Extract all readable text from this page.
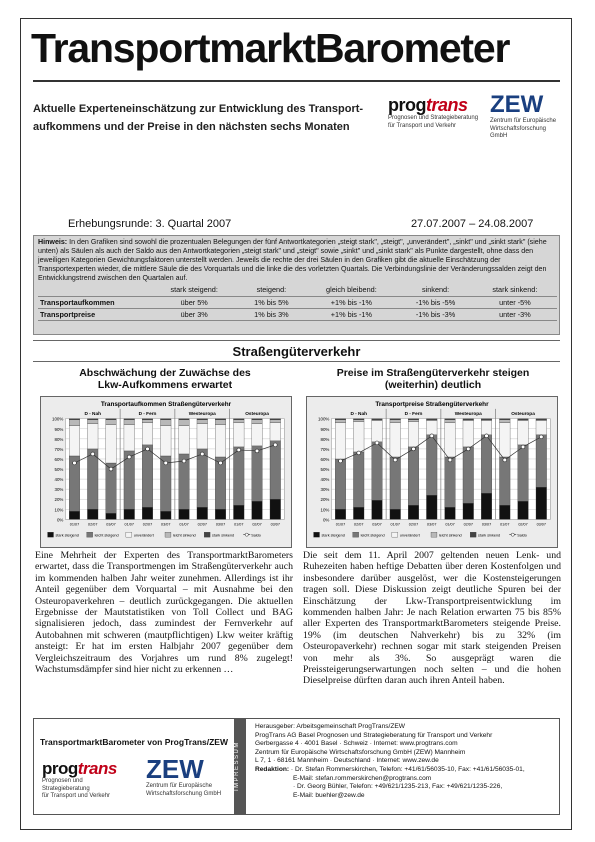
TransportmarktBarometer
Aktuelle Experteneinschätzung zur Entwicklung des Transport-
aufkommens und der Preise in den nächsten sechs Monaten
progtrans
Prognosen und Strategieberatung
für Transport und Verkehr
ZEW
Zentrum für Europäische
Wirtschaftsforschung GmbH
Erhebungsrunde: 3. Quartal 2007	27.07.2007 – 24.08.2007
Hinweis: In den Grafiken sind sowohl die prozentualen Belegungen der fünf Antwortkategorien „steigt stark", „steigt", „unverändert", „sinkt" und „sinkt stark" (siehe unten) als Säulen als auch der Saldo aus den Antwortkategorien „steigt stark" und „steigt" sowie „sinkt" und „sinkt stark" als Punkte dargestellt, ohne dass den jeweiligen Kategorien Gewichtungsfaktoren unterstellt werden. Jeweils die rechte der drei Säulen in den Grafiken gibt die aktuelle Einschätzung der Transportexperten wieder, die mittlere Säule die des Vorquartals und die linke die des vorletzten Quartals. Die Verbindungslinie der Veränderungssalden zeigt den Entwicklungstrend zwischen den Quartalen auf.
	stark steigend:	steigend:	gleich bleibend:	sinkend:	stark sinkend:
Transportaufkommen	über 5%	1% bis 5%	+1% bis -1%	-1% bis -5%	unter -5%
Transportpreise	über 3%	1% bis 3%	+1% bis -1%	-1% bis -3%	unter -3%
Straßengüterverkehr
Abschwächung der Zuwächse des
Lkw-Aufkommens erwartet
Preise im Straßengüterverkehr steigen
(weiterhin) deutlich
Transportaufkommen Straßengüterverkehr
0%
10%
20%
30%
40%
50%
60%
70%
80%
90%
100%
D - Nah	D - Fern	Westeuropa	Osteuropa
01/07 02/07 03/07 01/07 02/07 03/07 01/07 02/07 03/07 01/07 02/07 03/07
stark steigend	leicht steigend	unverändert	leicht sinkend	stark sinkend	Saldo
Transportpreise Straßengüterverkehr
0%
10%
20%
30%
40%
50%
60%
70%
80%
90%
100%
D - Nah	D - Fern	Westeuropa	Osteuropa
01/07 02/07 03/07 01/07 02/07 03/07 01/07 02/07 03/07 01/07 02/07 03/07
stark steigend	leicht steigend	unverändert	leicht sinkend	stark sinkend	Saldo
Eine Mehrheit der Experten des TransportmarktBarometers erwartet, dass die Transportmengen im Straßengüterverkehr auch im kommenden halben Jahr weiter zunehmen. Allerdings ist ihr Anteil gegenüber dem Vorquartal – mit Ausnahme bei den Osteuropaverkehren – deutlich zurückgegangen. Die aktuellen Ergebnisse der Mautstatistiken von Toll Collect und BAG signalisieren jedoch, dass zumindest der Fernverkehr auf Autobahnen mit schweren (mautpflichtigen) Lkw weiter kräftig ansteigt: Er hat im ersten Halbjahr 2007 gegenüber dem Vergleichszeitraum des Vorjahres um rund 8% zugelegt! Wachstumsdämpfer sind hier nicht zu erkennen …
Die seit dem 11. April 2007 geltenden neuen Lenk- und Ruhezeiten haben heftige Debatten über deren Kostenfolgen und insbesondere darüber ausgelöst, wer die Kostensteigerungen tragen soll. Diese Diskussion zeigt deutliche Spuren bei der Einschätzung der Lkw-Transportpreisentwicklung im kommenden halben Jahr: Je nach Relation erwarten 75 bis 85% aller Experten des TransportmarktBarometers steigende Preise. 19% (im deutschen Nahverkehr) bis zu 32% (im Osteuropaverkehr) rechnen sogar mit stark steigenden Preisen von mehr als 3%. So ausgeprägt waren die Preissteigerungserwartungen noch selten – und die hohen Dieselpreise dürften daran auch ihren Anteil haben.
TransportmarktBarometer von ProgTrans/ZEW
progtrans
Prognosen und Strategieberatung
für Transport und Verkehr
ZEW
Zentrum für Europäische
Wirtschaftsforschung GmbH
IMPRESSUM
Herausgeber: Arbeitsgemeinschaft ProgTrans/ZEW
ProgTrans AG Basel Prognosen und Strategieberatung für Transport und Verkehr
Gerbergasse 4 · 4001 Basel · Schweiz · Internet: www.progtrans.com
Zentrum für Europäische Wirtschaftsforschung GmbH (ZEW) Mannheim
L 7, 1 · 68161 Mannheim · Deutschland · Internet: www.zew.de
Redaktion: · Dr. Stefan Rommerskirchen, Telefon: +41/61/56035-10, Fax: +41/61/56035-01,
E-Mail: stefan.rommerskirchen@progtrans.com
· Dr. Georg Bühler, Telefon: +49/621/1235-213, Fax: +49/621/1235-226,
E-Mail: buehler@zew.de
